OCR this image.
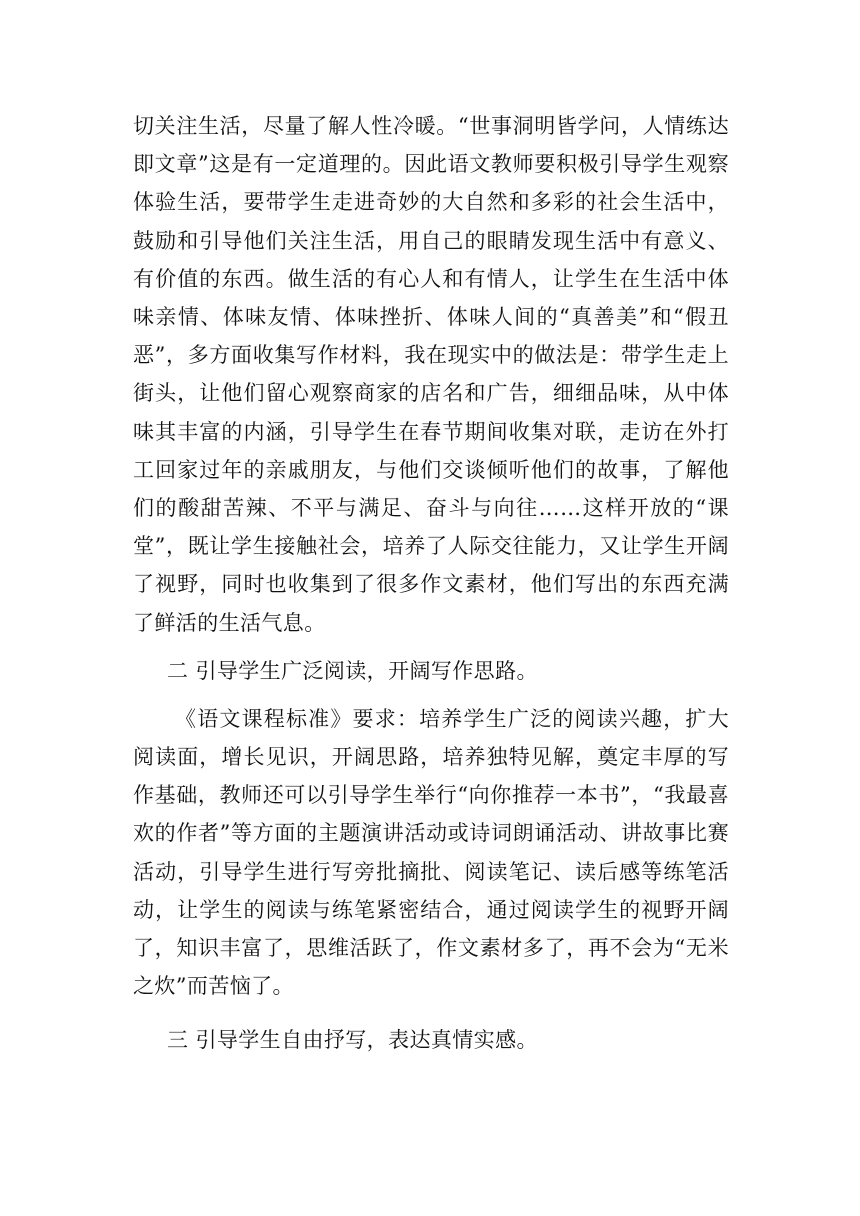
切关注生活，尽量了解人性冷暖。“世事洞明皆学问，人情练达即文章”这是有一定道理的。因此语文教师要积极引导学生观察体验生活，要带学生走进奇妙的大自然和多彩的社会生活中，鼓励和引导他们关注生活，用自己的眼睛发现生活中有意义、有价值的东西。做生活的有心人和有情人，让学生在生活中体味亲情、体味友情、体味挫折、体味人间的“真善美”和“假丑恶”，多方面收集写作材料，我在现实中的做法是：带学生走上街头，让他们留心观察商家的店名和广告，细细品味，从中体味其丰富的内涵，引导学生在春节期间收集对联，走访在外打工回家过年的亲戚朋友，与他们交谈倾听他们的故事，了解他们的酸甜苦辣、不平与满足、奋斗与向往……这样开放的“课堂”，既让学生接触社会，培养了人际交往能力，又让学生开阔了视野，同时也收集到了很多作文素材，他们写出的东西充满了鲜活的生活气息。

二 引导学生广泛阅读，开阔写作思路。

《语文课程标准》要求：培养学生广泛的阅读兴趣，扩大阅读面，增长见识，开阔思路，培养独特见解，奠定丰厚的写作基础，教师还可以引导学生举行“向你推荐一本书”，“我最喜欢的作者”等方面的主题演讲活动或诗词朗诵活动、讲故事比赛活动，引导学生进行写旁批摘批、阅读笔记、读后感等练笔活动，让学生的阅读与练笔紧密结合，通过阅读学生的视野开阔了，知识丰富了，思维活跃了，作文素材多了，再不会为“无米之炊”而苦恼了。

三 引导学生自由抒写，表达真情实感。
